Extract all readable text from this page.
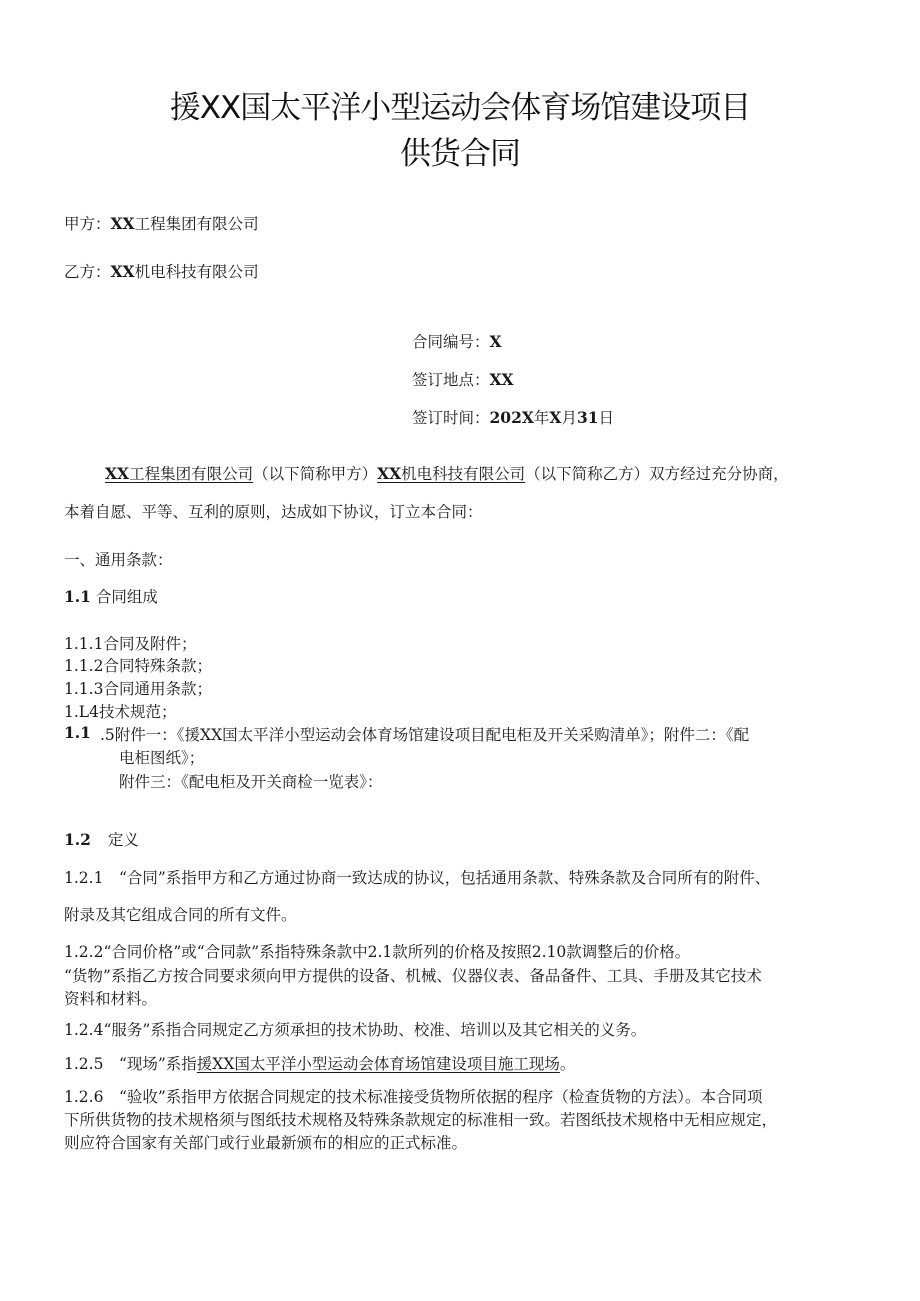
援XX国太平洋小型运动会体育场馆建设项目
供货合同
甲方：XX工程集团有限公司
乙方：XX机电科技有限公司
合同编号：X
签订地点：XX
签订时间：202X年X月31日
XX工程集团有限公司（以下简称甲方）XX机电科技有限公司（以下简称乙方）双方经过充分协商，
本着自愿、平等、互利的原则，达成如下协议，订立本合同：
一、通用条款：
1.1 合同组成
1.1.1合同及附件；
1.1.2合同特殊条款；
1.1.3合同通用条款；
1.L4技术规范；
1.1 .5附件一：《援XX国太平洋小型运动会体育场馆建设项目配电柜及开关采购清单》；附件二：《配
电柜图纸》；
附件三：《配电柜及开关商检一览表》：
1.2 定义
1.2.1　“合同”系指甲方和乙方通过协商一致达成的协议，包括通用条款、特殊条款及合同所有的附件、
附录及其它组成合同的所有文件。
1.2.2“合同价格”或“合同款”系指特殊条款中2.1款所列的价格及按照2.10款调整后的价格。
“货物”系指乙方按合同要求须向甲方提供的设备、机械、仪器仪表、备品备件、工具、手册及其它技术
资料和材料。
1.2.4“服务”系指合同规定乙方须承担的技术协助、校准、培训以及其它相关的义务。
1.2.5　“现场”系指援XX国太平洋小型运动会体育场馆建设项目施工现场。
1.2.6　“验收”系指甲方依据合同规定的技术标准接受货物所依据的程序（检查货物的方法）。本合同项
下所供货物的技术规格须与图纸技术规格及特殊条款规定的标准相一致。若图纸技术规格中无相应规定，
则应符合国家有关部门或行业最新颁布的相应的正式标准。
